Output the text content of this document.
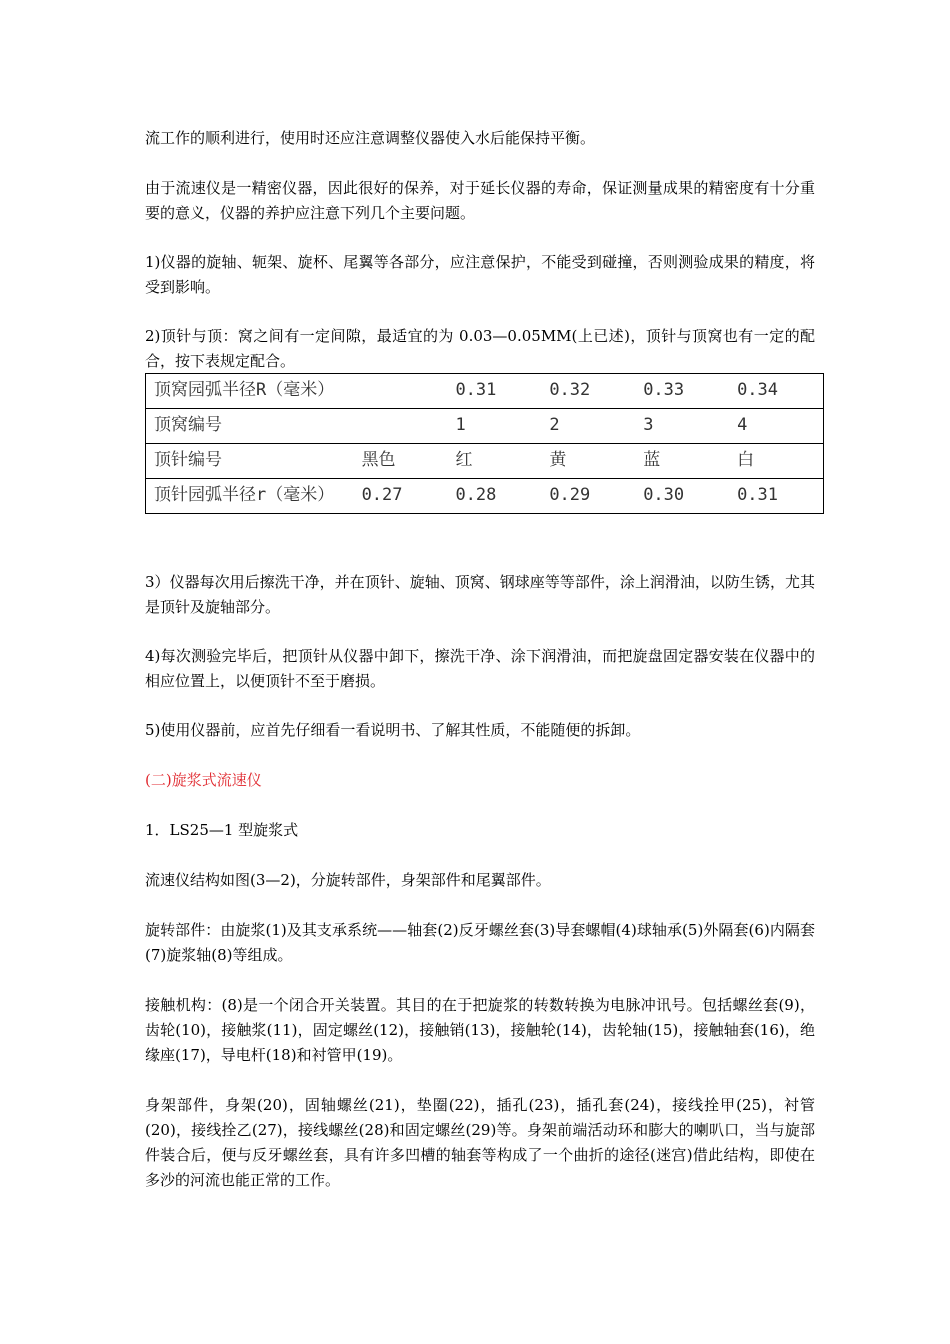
流工作的顺利进行，使用时还应注意调整仪器使入水后能保持平衡。

由于流速仪是一精密仪器，因此很好的保养，对于延长仪器的寿命，保证测量成果的精密度有十分重要的意义，仪器的养护应注意下列几个主要问题。

1)仪器的旋轴、轭架、旋杯、尾翼等各部分，应注意保护，不能受到碰撞，否则测验成果的精度，将受到影响。

2)顶针与顶：窝之间有一定间隙，最适宜的为 0.03—0.05MM(上已述)，顶针与顶窝也有一定的配合，按下表规定配合。

顶窝园弧半径R（毫米）		0.31	0.32	0.33	0.34
顶窝编号		1	2	3	4
顶针编号	黑色	红	黄	蓝	白
顶针园弧半径r（毫米）	0.27	0.28	0.29	0.30	0.31

3）仪器每次用后擦洗干净，并在顶针、旋轴、顶窝、钢球座等等部件，涂上润滑油，以防生锈，尤其是顶针及旋轴部分。

4)每次测验完毕后，把顶针从仪器中卸下，擦洗干净、涂下润滑油，而把旋盘固定器安装在仪器中的相应位置上，以便顶针不至于磨损。

5)使用仪器前，应首先仔细看一看说明书、了解其性质，不能随便的拆卸。

(二)旋浆式流速仪

1．LS25—1 型旋浆式

流速仪结构如图(3—2)，分旋转部件，身架部件和尾翼部件。

旋转部件：由旋浆(1)及其支承系统——轴套(2)反牙螺丝套(3)导套螺帽(4)球轴承(5)外隔套(6)内隔套(7)旋浆轴(8)等组成。

接触机构：(8)是一个闭合开关装置。其目的在于把旋浆的转数转换为电脉冲讯号。包括螺丝套(9)，齿轮(10)，接触浆(11)，固定螺丝(12)，接触销(13)，接触轮(14)，齿轮轴(15)，接触轴套(16)，绝缘座(17)，导电杆(18)和衬管甲(19)。

身架部件，身架(20)，固轴螺丝(21)，垫圈(22)，插孔(23)，插孔套(24)，接线拴甲(25)，衬管(20)，接线拴乙(27)，接线螺丝(28)和固定螺丝(29)等。身架前端活动环和膨大的喇叭口，当与旋部件装合后，便与反牙螺丝套，具有许多凹槽的轴套等构成了一个曲折的途径(迷宫)借此结构，即使在多沙的河流也能正常的工作。
